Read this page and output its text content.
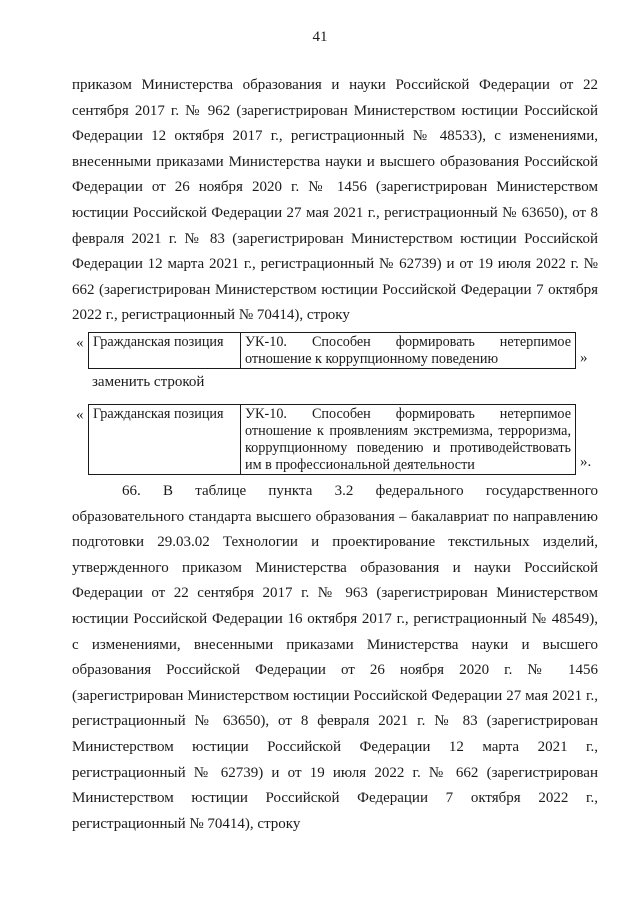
41

приказом Министерства образования и науки Российской Федерации от 22 сентября 2017 г. № 962 (зарегистрирован Министерством юстиции Российской Федерации 12 октября 2017 г., регистрационный № 48533), с изменениями, внесенными приказами Министерства науки и высшего образования Российской Федерации от 26 ноября 2020 г. № 1456 (зарегистрирован Министерством юстиции Российской Федерации 27 мая 2021 г., регистрационный № 63650), от 8 февраля 2021 г. № 83 (зарегистрирован Министерством юстиции Российской Федерации 12 марта 2021 г., регистрационный № 62739) и от 19 июля 2022 г. № 662 (зарегистрирован Министерством юстиции Российской Федерации 7 октября 2022 г., регистрационный № 70414), строку

« Гражданская позиция	УК-10. Способен формировать нетерпимое отношение к коррупционному поведению	»
заменить строкой
« Гражданская позиция	УК-10. Способен формировать нетерпимое отношение к проявлениям экстремизма, терроризма, коррупционному поведению и противодействовать им в профессиональной деятельности	».

66. В таблице пункта 3.2 федерального государственного образовательного стандарта высшего образования – бакалавриат по направлению подготовки 29.03.02 Технологии и проектирование текстильных изделий, утвержденного приказом Министерства образования и науки Российской Федерации от 22 сентября 2017 г. № 963 (зарегистрирован Министерством юстиции Российской Федерации 16 октября 2017 г., регистрационный № 48549), с изменениями, внесенными приказами Министерства науки и высшего образования Российской Федерации от 26 ноября 2020 г. № 1456 (зарегистрирован Министерством юстиции Российской Федерации 27 мая 2021 г., регистрационный № 63650), от 8 февраля 2021 г. № 83 (зарегистрирован Министерством юстиции Российской Федерации 12 марта 2021 г., регистрационный № 62739) и от 19 июля 2022 г. № 662 (зарегистрирован Министерством юстиции Российской Федерации 7 октября 2022 г., регистрационный № 70414), строку
